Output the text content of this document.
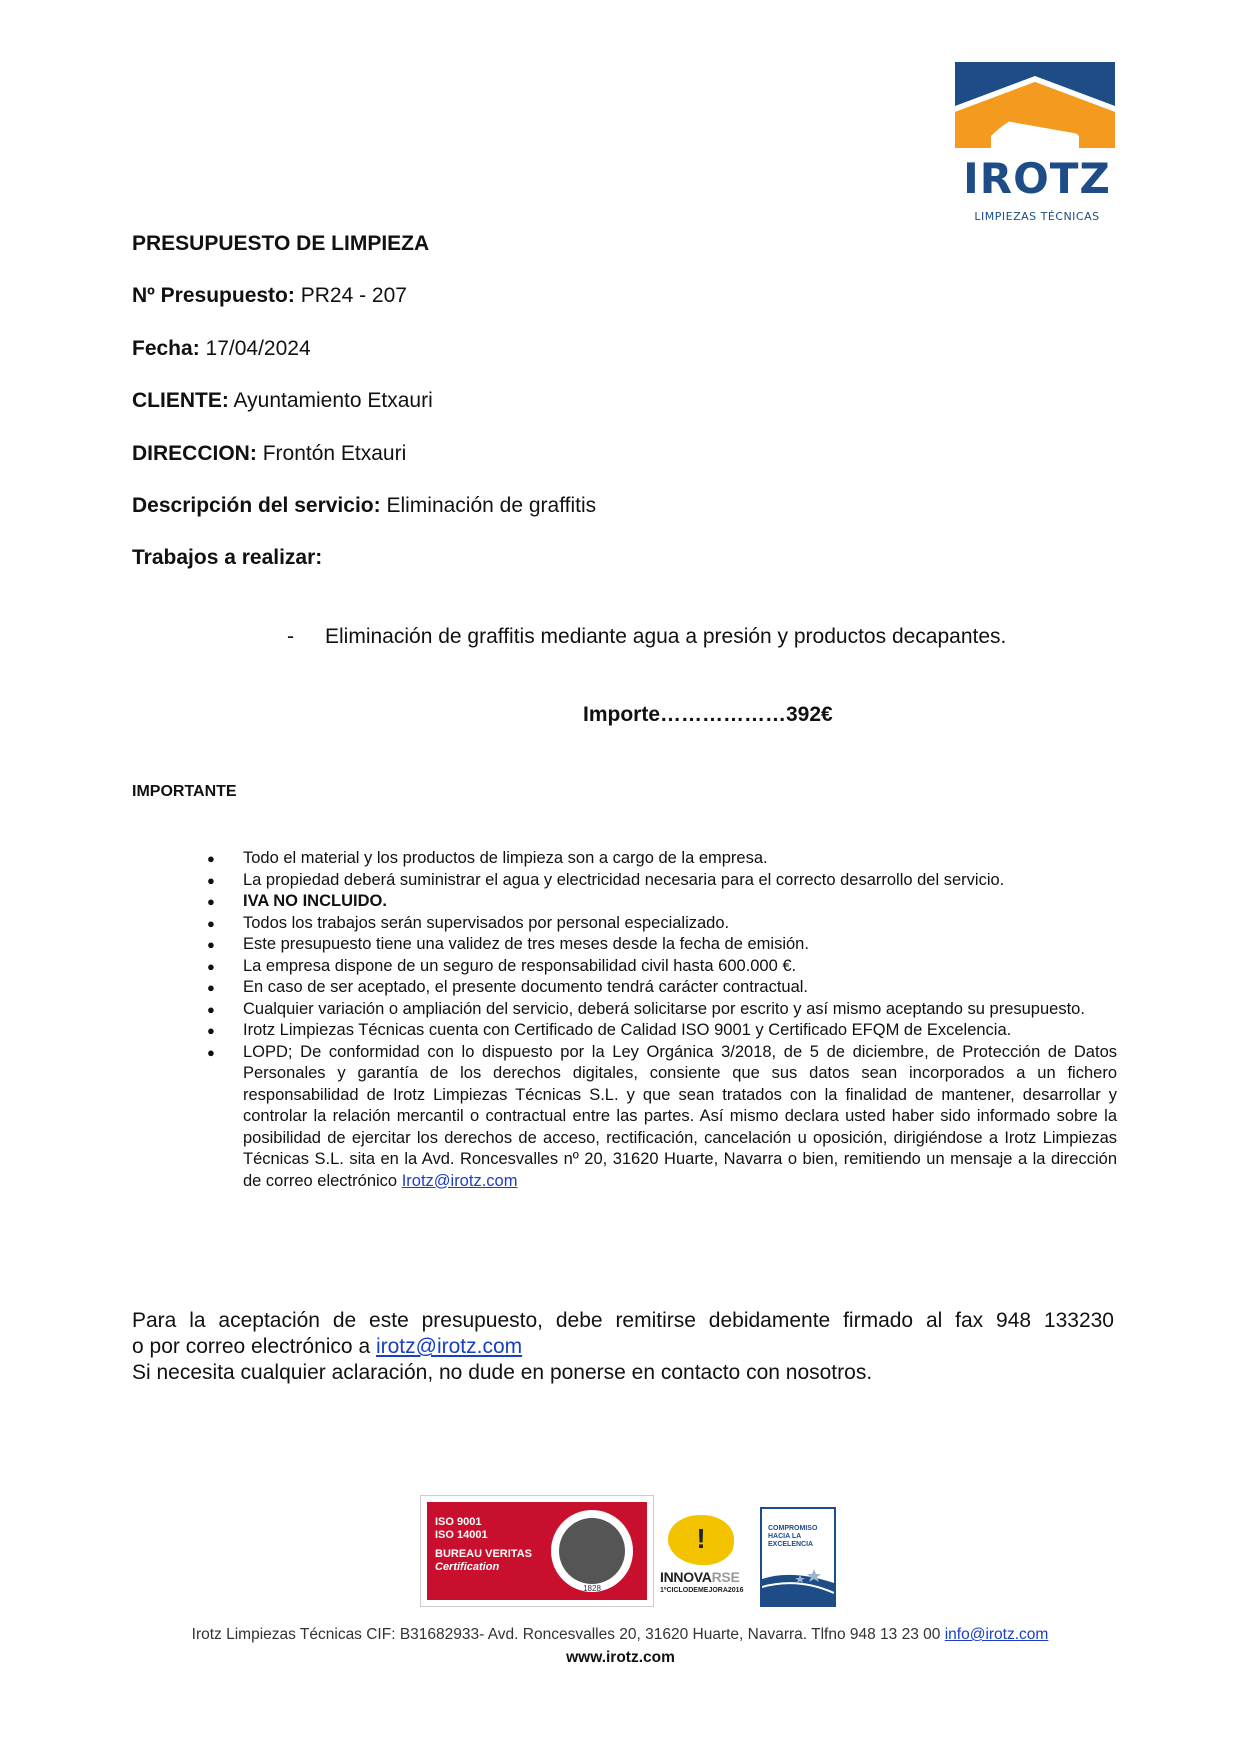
IROTZ
LIMPIEZAS TÉCNICAS
PRESUPUESTO DE LIMPIEZA
Nº Presupuesto: PR24 - 207
Fecha: 17/04/2024
CLIENTE: Ayuntamiento Etxauri
DIRECCION: Frontón Etxauri
Descripción del servicio: Eliminación de graffitis
Trabajos a realizar:
- Eliminación de graffitis mediante agua a presión y productos decapantes.
Importe………………392€
IMPORTANTE
● Todo el material y los productos de limpieza son a cargo de la empresa.
● La propiedad deberá suministrar el agua y electricidad necesaria para el correcto desarrollo del servicio.
● IVA NO INCLUIDO.
● Todos los trabajos serán supervisados por personal especializado.
● Este presupuesto tiene una validez de tres meses desde la fecha de emisión.
● La empresa dispone de un seguro de responsabilidad civil hasta 600.000 €.
● En caso de ser aceptado, el presente documento tendrá carácter contractual.
● Cualquier variación o ampliación del servicio, deberá solicitarse por escrito y así mismo aceptando su presupuesto.
● Irotz Limpiezas Técnicas cuenta con Certificado de Calidad ISO 9001 y Certificado EFQM de Excelencia.
● LOPD; De conformidad con lo dispuesto por la Ley Orgánica 3/2018, de 5 de diciembre, de Protección de Datos Personales y garantía de los derechos digitales, consiente que sus datos sean incorporados a un fichero responsabilidad de Irotz Limpiezas Técnicas S.L. y que sean tratados con la finalidad de mantener, desarrollar y controlar la relación mercantil o contractual entre las partes. Así mismo declara usted haber sido informado sobre la posibilidad de ejercitar los derechos de acceso, rectificación, cancelación u oposición, dirigiéndose a Irotz Limpiezas Técnicas S.L. sita en la Avd. Roncesvalles nº 20, 31620 Huarte, Navarra o bien, remitiendo un mensaje a la dirección de correo electrónico Irotz@irotz.com
Para la aceptación de este presupuesto, debe remitirse debidamente firmado al fax 948 133230
o por correo electrónico a irotz@irotz.com
Si necesita cualquier aclaración, no dude en ponerse en contacto con nosotros.
ISO 9001
ISO 14001
BUREAU VERITAS
Certification
1828
!
INNOVARSE
1ºCICLODEMEJORA2016
COMPROMISO HACIA LA EXCELENCIA
Irotz Limpiezas Técnicas CIF: B31682933- Avd. Roncesvalles 20, 31620 Huarte, Navarra. Tlfno 948 13 23 00 info@irotz.com
www.irotz.com
